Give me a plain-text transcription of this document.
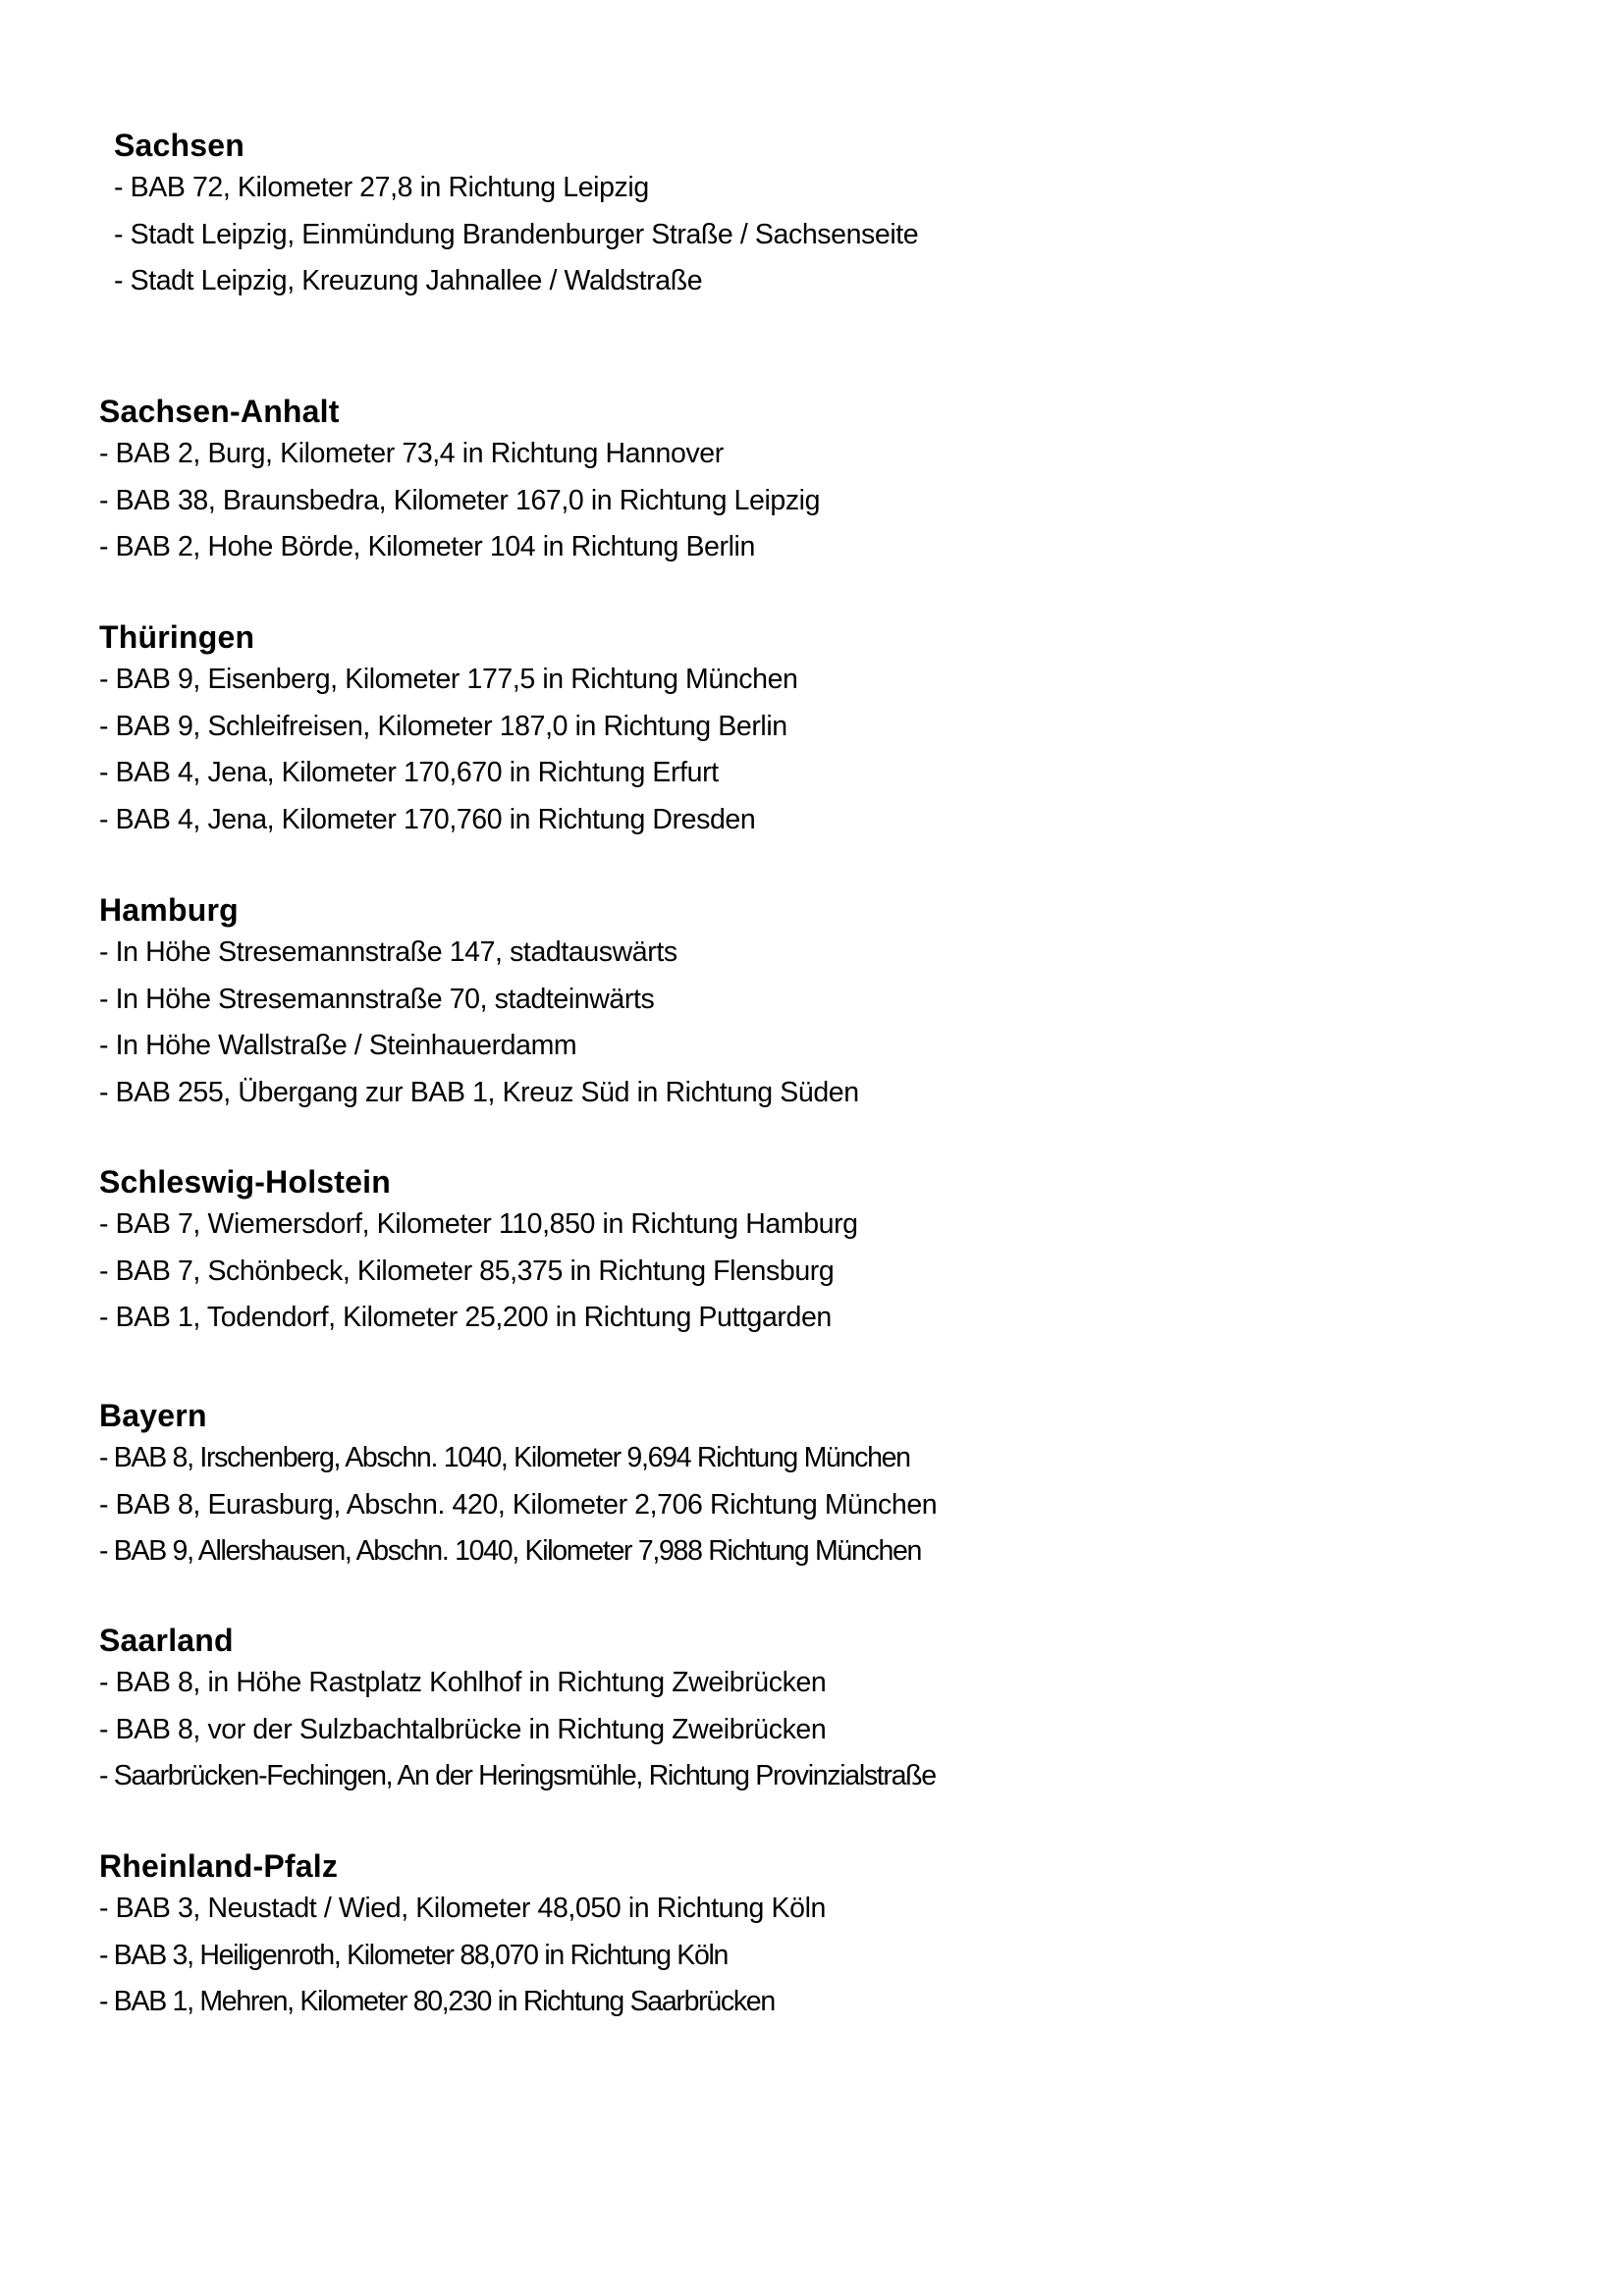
Sachsen
- BAB 72, Kilometer 27,8 in Richtung Leipzig
- Stadt Leipzig, Einmündung Brandenburger Straße / Sachsenseite
- Stadt Leipzig, Kreuzung Jahnallee / Waldstraße
Sachsen-Anhalt
- BAB 2, Burg, Kilometer 73,4 in Richtung Hannover
- BAB 38, Braunsbedra, Kilometer 167,0 in Richtung Leipzig
- BAB 2, Hohe Börde, Kilometer 104 in Richtung Berlin
Thüringen
- BAB 9, Eisenberg, Kilometer 177,5 in Richtung München
- BAB 9, Schleifreisen, Kilometer 187,0 in Richtung Berlin
- BAB 4, Jena, Kilometer 170,670 in Richtung Erfurt
- BAB 4, Jena, Kilometer 170,760 in Richtung Dresden
Hamburg
- In Höhe Stresemannstraße 147, stadtauswärts
- In Höhe Stresemannstraße 70, stadteinwärts
- In Höhe Wallstraße / Steinhauerdamm
- BAB 255, Übergang zur BAB 1, Kreuz Süd in Richtung Süden
Schleswig-Holstein
- BAB 7, Wiemersdorf, Kilometer 110,850 in Richtung Hamburg
- BAB 7, Schönbeck, Kilometer 85,375 in Richtung Flensburg
- BAB 1, Todendorf, Kilometer 25,200 in Richtung Puttgarden
Bayern
- BAB 8, Irschenberg, Abschn. 1040, Kilometer 9,694 Richtung München
- BAB 8, Eurasburg, Abschn. 420, Kilometer 2,706 Richtung München
- BAB 9, Allershausen, Abschn. 1040, Kilometer 7,988 Richtung München
Saarland
- BAB 8, in Höhe Rastplatz Kohlhof in Richtung Zweibrücken
- BAB 8, vor der Sulzbachtalbrücke in Richtung Zweibrücken
- Saarbrücken-Fechingen, An der Heringsmühle, Richtung Provinzialstraße
Rheinland-Pfalz
- BAB 3, Neustadt / Wied, Kilometer 48,050 in Richtung Köln
- BAB 3, Heiligenroth, Kilometer 88,070 in Richtung Köln
- BAB 1, Mehren, Kilometer 80,230 in Richtung Saarbrücken
